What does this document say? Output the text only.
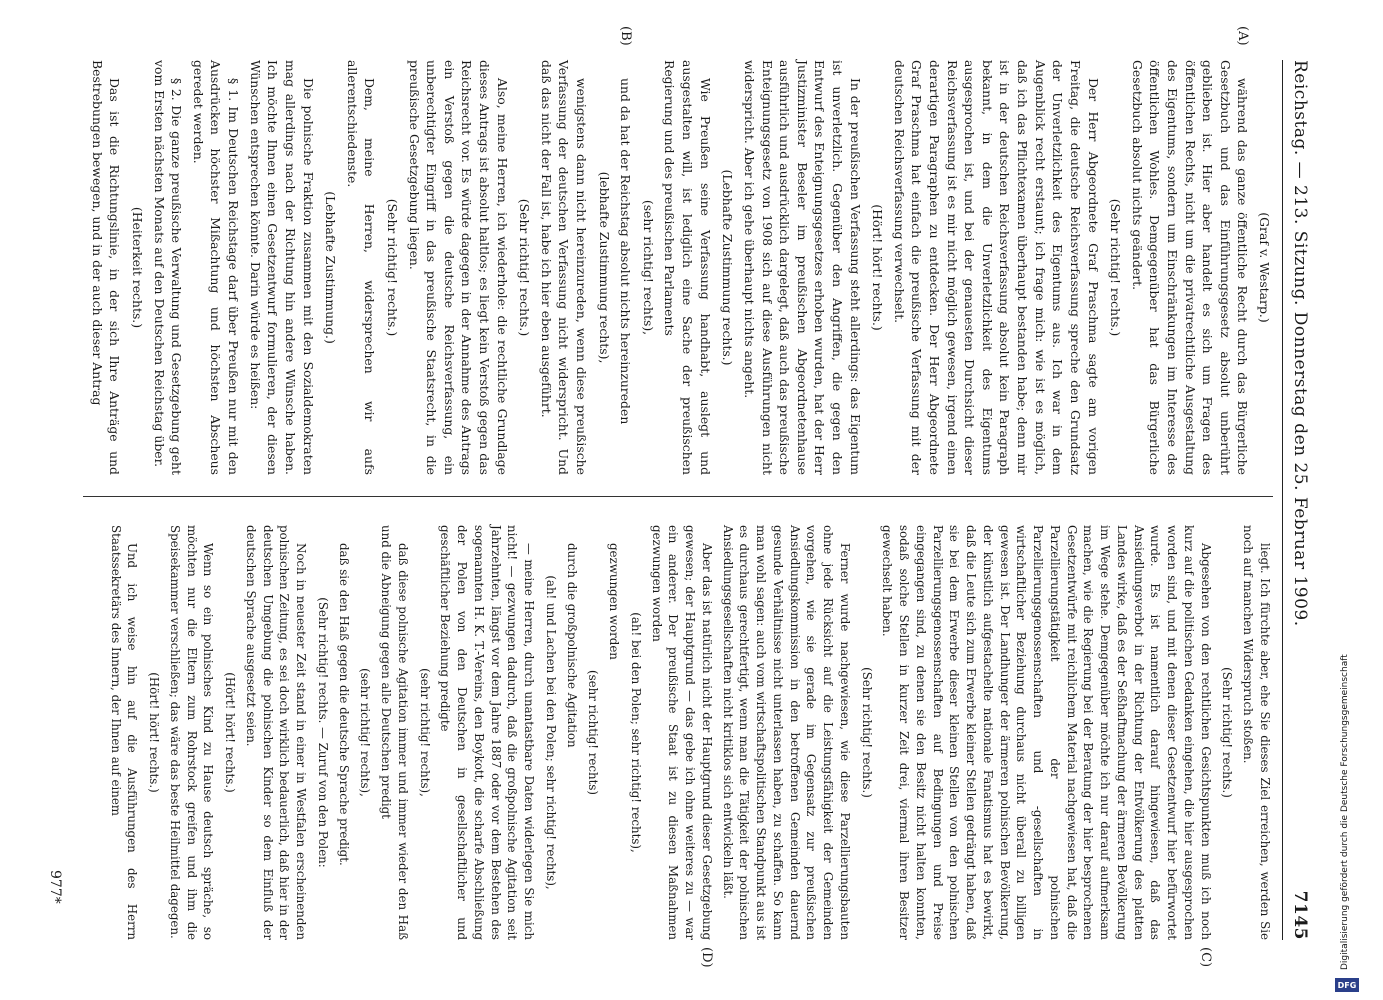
Reichstag. — 213. Sitzung. Donnerstag den 25. Februar 1909.
7145

(Graf v. Westarp.)

während das ganze öffentliche Recht durch das Bürgerliche Gesetzbuch und das Einführungsgesetz absolut unberührt geblieben ist. Hier aber handelt es sich um Fragen des öffentlichen Rechts, nicht um die privatrechtliche Ausgestaltung des Eigentums, sondern um Einschränkungen im Interesse des öffentlichen Wohles. Demgegenüber hat das Bürgerliche Gesetzbuch absolut nichts geändert.

(A)

(Sehr richtig! rechts.)

Der Herr Abgeordnete Graf Praschma sagte am vorigen Freitag, die deutsche Reichsverfassung spreche den Grundsatz der Unverletzlichkeit des Eigentums aus. Ich war in dem Augenblick recht erstaunt; ich frage mich: wie ist es möglich, daß ich das Pflichtexamen überhaupt bestanden habe; denn mir ist in der deutschen Reichsverfassung absolut kein Paragraph bekannt, in dem die Unverletzlichkeit des Eigentums ausgesprochen ist, und bei der genauesten Durchsicht dieser Reichsverfassung ist es mir nicht möglich gewesen, irgend einen derartigen Paragraphen zu entdecken. Der Herr Abgeordnete Graf Praschma hat einfach die preußische Verfassung mit der deutschen Reichsverfassung verwechselt.

(Hört! hört! rechts.)

In der preußischen Verfassung steht allerdings: das Eigentum ist unverletzlich. Gegenüber den Angriffen, die gegen den Entwurf des Enteignungsgesetzes erhoben wurden, hat der Herr Justizminister Beseler im preußischen Abgeordnetenhause ausführlich und ausdrücklich dargelegt, daß auch das preußische Enteignungsgesetz von 1908 sich auf diese Ausführungen nicht widerspricht. Aber ich gehe überhaupt nichts angeht.

(Lebhafte Zustimmung rechts.)

Wie Preußen seine Verfassung handhabt, auslegt und ausgestalten will, ist lediglich eine Sache der preußischen Regierung und des preußischen Parlaments

(sehr richtig! rechts),

und da hat der Reichstag absolut nichts hereinzureden

(B)

(lebhafte Zustimmung rechts),

wenigstens dann nicht hereinzureden, wenn diese preußische Verfassung der deutschen Verfassung nicht widerspricht. Und daß das nicht der Fall ist, habe ich hier eben ausgeführt.

(Sehr richtig! rechts.)

Also, meine Herren, ich wiederhole: die rechtliche Grundlage dieses Antrags ist absolut haltlos; es liegt kein Verstoß gegen das Reichsrecht vor. Es würde dagegen in der Annahme des Antrags ein Verstoß gegen die deutsche Reichsverfassung, ein unberechtigter Eingriff in das preußische Staatsrecht, in die preußische Gesetzgebung liegen.

(Sehr richtig! rechts.)

Dem, meine Herren, widersprechen wir aufs allerentschiedenste.

(Lebhafte Zustimmung.)

Die polnische Fraktion zusammen mit den Sozialdemokraten mag allerdings nach der Richtung hin andere Wünsche haben. Ich möchte Ihnen einen Gesetzentwurf formulieren, der diesen Wünschen entsprechen könnte. Darin würde es heißen:

§ 1. Im Deutschen Reichstage darf über Preußen nur mit den Ausdrücken höchster Mißachtung und höchsten Abscheus geredet werden.

§ 2. Die ganze preußische Verwaltung und Gesetzgebung geht vom Ersten nächsten Monats auf den Deutschen Reichstag über.

(Heiterkeit rechts.)

Das ist die Richtungslinie, in der sich Ihre Anträge und Bestrebungen bewegen, und in der auch dieser Antrag

liegt. Ich fürchte aber, ehe Sie dieses Ziel erreichen, werden Sie noch auf manchen Widerspruch stoßen.

(Sehr richtig! rechts.)

Abgesehen von den rechtlichen Gesichtspunkten muß ich noch kurz auf die politischen Gedanken eingehen, die hier ausgesprochen worden sind, und mit denen dieser Gesetzentwurf hier befürwortet wurde. Es ist namentlich darauf hingewiesen, daß das Ansiedlungsverbot in der Richtung der Entvölkerung des platten Landes wirke, daß es der Seßhaftmachung der ärmeren Bevölkerung im Wege stehe. Demgegenüber möchte ich nur darauf aufmerksam machen, wie die Regierung bei der Beratung der hier besprochenen Gesetzentwürfe mit reichlichem Material nachgewiesen hat, daß die Parzellierungstätigkeit der polnischen Parzellierungsgenossenschaften und -gesellschaften in wirtschaftlicher Beziehung durchaus nicht überall zu billigen gewesen ist. Der Landhunger der ärmeren polnischen Bevölkerung, der künstlich aufgestachelte nationale Fanatismus hat es bewirkt, daß die Leute sich zum Erwerbe kleiner Stellen gedrängt haben, daß sie bei dem Erwerbe dieser kleinen Stellen von den polnischen Parzellierungsgenossenschaften auf Bedingungen und Preise eingegangen sind, zu denen sie den Besitz nicht halten konnten, sodaß solche Stellen in kurzer Zeit drei, viermal ihren Besitzer gewechselt haben.

(C)

(Sehr richtig! rechts.)

Ferner wurde nachgewiesen, wie diese Parzellierungsbauten ohne jede Rücksicht auf die Leistungsfähigkeit der Gemeinden vorgehen, wie sie gerade im Gegensatz zur preußischen Ansiedlungskommission in den betroffenen Gemeinden dauernd gesunde Verhältnisse nicht unterlassen haben, zu schaffen. So kann man wohl sagen: auch vom wirtschaftspolitischen Standpunkt aus ist es durchaus gerechtfertigt, wenn man die Tätigkeit der polnischen Ansiedlungsgesellschaften nicht kritiklos sich entwickeln läßt.

Aber das ist natürlich nicht der Hauptgrund dieser Gesetzgebung gewesen; der Hauptgrund — das gebe ich ohne weiteres zu — war ein anderer. Der preußische Staat ist zu diesen Maßnahmen gezwungen worden

(D)

(ah! bei den Polen; sehr richtig! rechts),

gezwungen worden

(sehr richtig! rechts)

durch die großpolnische Agitation

(ah! und Lachen bei den Polen; sehr richtig! rechts),

— meine Herren, durch unantastbare Daten widerlegen Sie mich nicht! — gezwungen dadurch, daß die großpolnische Agitation seit Jahrzehnten, längst vor dem Jahre 1887 oder vor dem Bestehen des sogenannten H. K. T.-Vereins, den Boykott, die scharfe Abschließung der Polen von den Deutschen in gesellschaftlicher und geschäftlicher Beziehung predigte

(sehr richtig! rechts),

daß diese polnische Agitation immer und immer wieder den Haß und die Abneigung gegen alle Deutschen predigt

(sehr richtig! rechts),

daß sie den Haß gegen die deutsche Sprache predigt.

(Sehr richtig! rechts. — Zuruf von den Polen:

Noch in neuester Zeit stand in einer in Westfalen erscheinenden polnischen Zeitung, es sei doch wirklich bedauerlich, daß hier in der deutschen Umgebung die polnischen Kinder so dem Einfluß der deutschen Sprache ausgesetzt seien.

(Hört! hört! rechts.)

Wenn so ein polnisches Kind zu Hause deutsch spräche, so möchten nur die Eltern zum Rohrstock greifen und ihm die Speisekammer verschließen; das wäre das beste Heilmittel dagegen.

(Hört! hört! rechts.)

Und ich weise hin auf die Ausführungen des Herrn Staatssekretärs des Innern, der Ihnen auf einem

977*	Digitalisierung gefördert durch die Deutsche Forschungsgemeinschaft
DFG
